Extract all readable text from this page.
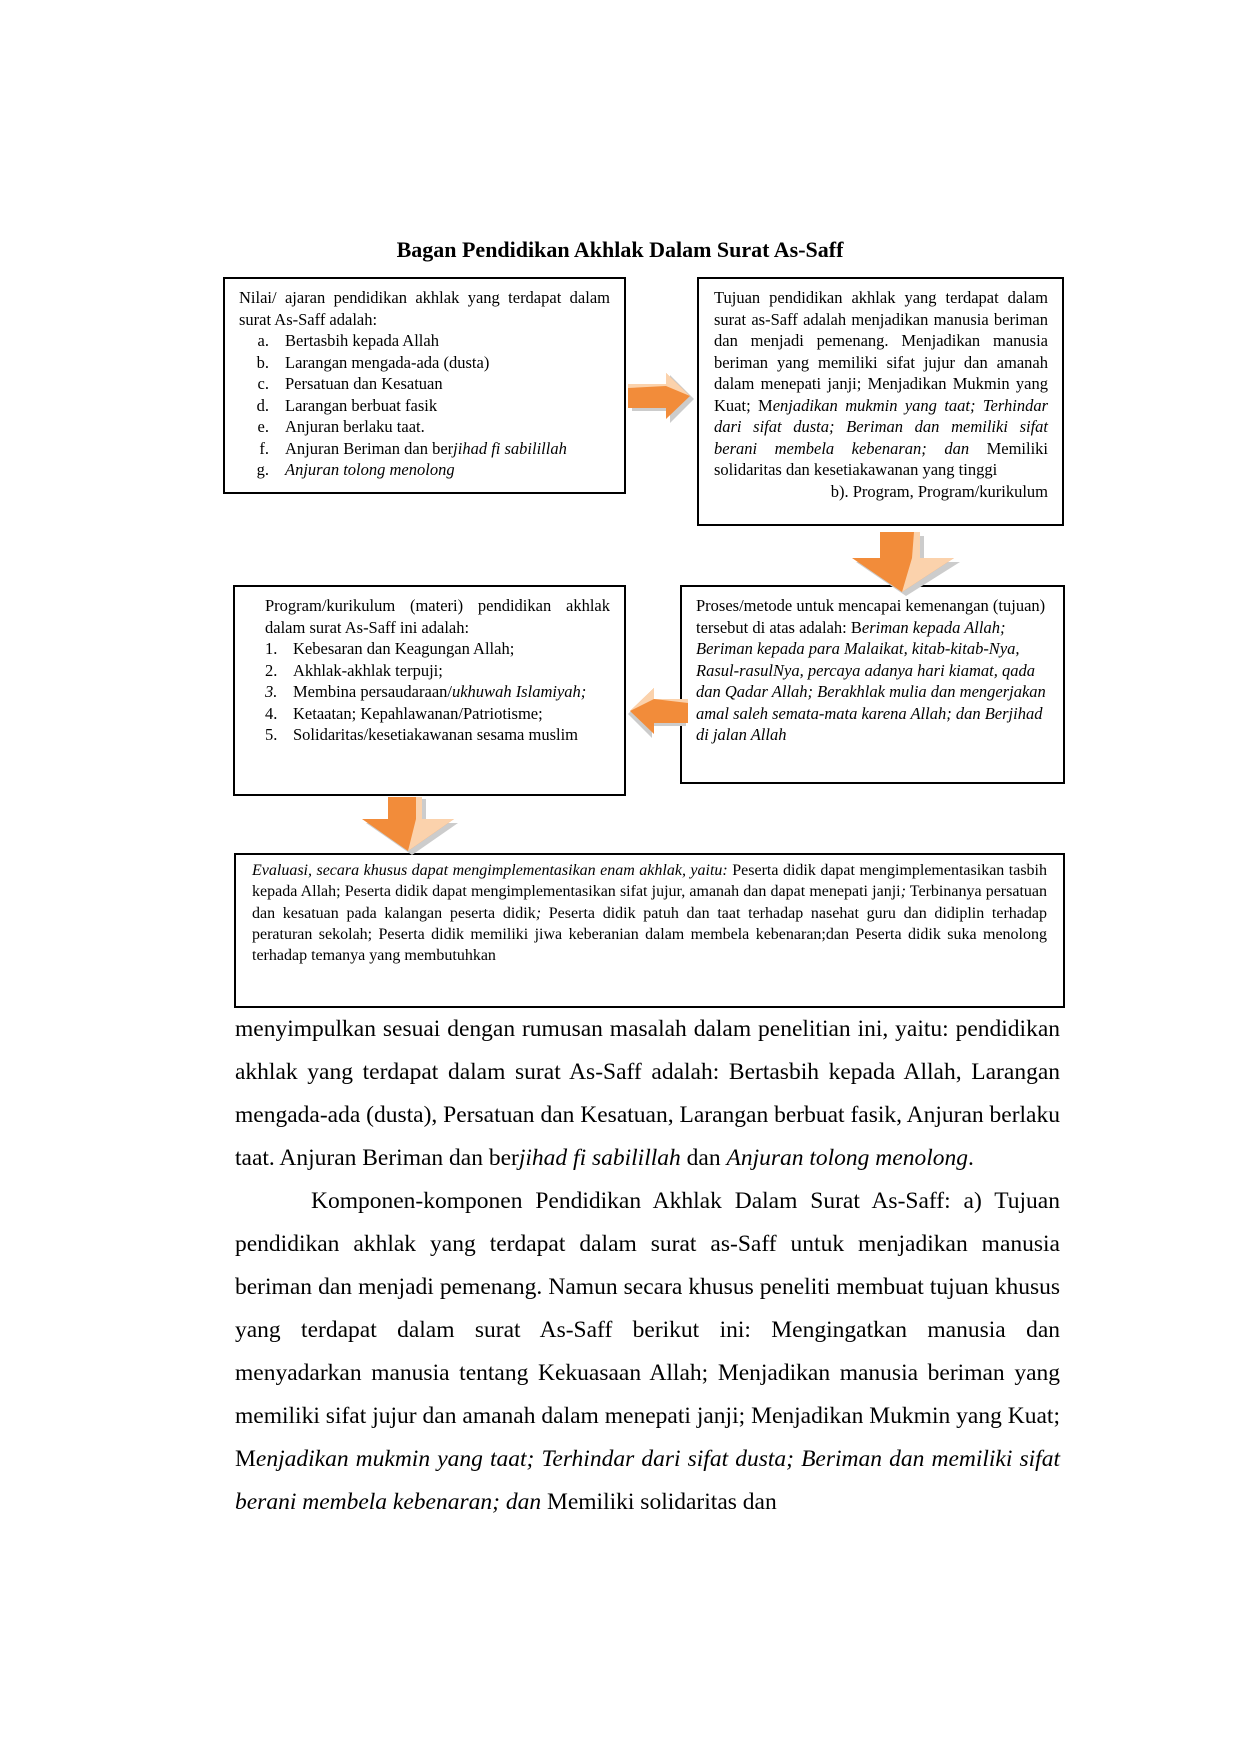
Bagan Pendidikan Akhlak Dalam Surat As-Saff
Nilai/ ajaran pendidikan akhlak yang terdapat dalam surat As-Saff adalah:
a. Bertasbih kepada Allah
b. Larangan mengada-ada (dusta)
c. Persatuan dan Kesatuan
d. Larangan berbuat fasik
e. Anjuran berlaku taat.
f. Anjuran Beriman dan berjihad fi sabilillah
g. Anjuran tolong menolong
Tujuan pendidikan akhlak yang terdapat dalam surat as-Saff adalah menjadikan manusia beriman dan menjadi pemenang. Menjadikan manusia beriman yang memiliki sifat jujur dan amanah dalam menepati janji; Menjadikan Mukmin yang Kuat; Menjadikan mukmin yang taat; Terhindar dari sifat dusta; Beriman dan memiliki sifat berani membela kebenaran; dan Memiliki solidaritas dan kesetiakawanan yang tinggi
b). Program, Program/kurikulum
Program/kurikulum (materi) pendidikan akhlak dalam surat As-Saff ini adalah:
1. Kebesaran dan Keagungan Allah;
2. Akhlak-akhlak terpuji;
3. Membina persaudaraan/ukhuwah Islamiyah;
4. Ketaatan; Kepahlawanan/Patriotisme;
5. Solidaritas/kesetiakawanan sesama muslim
Proses/metode untuk mencapai kemenangan (tujuan) tersebut di atas adalah: Beriman kepada Allah; Beriman kepada para Malaikat, kitab-kitab-Nya, Rasul-rasulNya, percaya adanya hari kiamat, qada dan Qadar Allah; Berakhlak mulia dan mengerjakan amal saleh semata-mata karena Allah; dan Berjihad di jalan Allah
Evaluasi, secara khusus dapat mengimplementasikan enam akhlak, yaitu: Peserta didik dapat mengimplementasikan tasbih kepada Allah; Peserta didik dapat mengimplementasikan sifat jujur, amanah dan dapat menepati janji; Terbinanya persatuan dan kesatuan pada kalangan peserta didik; Peserta didik patuh dan taat terhadap nasehat guru dan didiplin terhadap peraturan sekolah; Peserta didik memiliki jiwa keberanian dalam membela kebenaran;dan Peserta didik suka menolong terhadap temanya yang membutuhkan

menyimpulkan sesuai dengan rumusan masalah dalam penelitian ini, yaitu: pendidikan akhlak yang terdapat dalam surat As-Saff adalah: Bertasbih kepada Allah, Larangan mengada-ada (dusta), Persatuan dan Kesatuan, Larangan berbuat fasik, Anjuran berlaku taat. Anjuran Beriman dan berjihad fi sabilillah dan Anjuran tolong menolong.

Komponen-komponen Pendidikan Akhlak Dalam Surat As-Saff: a) Tujuan pendidikan akhlak yang terdapat dalam surat as-Saff untuk menjadikan manusia beriman dan menjadi pemenang. Namun secara khusus peneliti membuat tujuan khusus yang terdapat dalam surat As-Saff berikut ini: Mengingatkan manusia dan menyadarkan manusia tentang Kekuasaan Allah; Menjadikan manusia beriman yang memiliki sifat jujur dan amanah dalam menepati janji; Menjadikan Mukmin yang Kuat; Menjadikan mukmin yang taat; Terhindar dari sifat dusta; Beriman dan memiliki sifat berani membela kebenaran; dan Memiliki solidaritas dan
